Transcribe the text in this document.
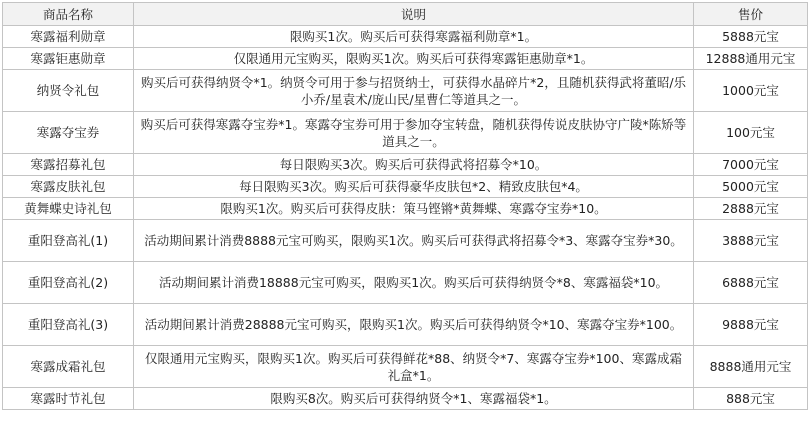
商品名称	说明	售价
寒露福利勋章	限购买1次。购买后可获得寒露福利勋章*1。	5888元宝
寒露钜惠勋章	仅限通用元宝购买，限购买1次。购买后可获得寒露钜惠勋章*1。	12888通用元宝
纳贤令礼包	购买后可获得纳贤令*1。纳贤令可用于参与招贤纳士，可获得水晶碎片*2，且随机获得武将董昭/乐小乔/星袁术/庞山民/星曹仁等道具之一。	1000元宝
寒露夺宝券	购买后可获得寒露夺宝券*1。寒露夺宝券可用于参加夺宝转盘，随机获得传说皮肤协守广陵*陈矫等道具之一。	100元宝
寒露招募礼包	每日限购买3次。购买后可获得武将招募令*10。	7000元宝
寒露皮肤礼包	每日限购买3次。购买后可获得豪华皮肤包*2、精致皮肤包*4。	5000元宝
黄舞蝶史诗礼包	限购买1次。购买后可获得皮肤：策马铿锵*黄舞蝶、寒露夺宝券*10。	2888元宝
重阳登高礼(1)	活动期间累计消费8888元宝可购买，限购买1次。购买后可获得武将招募令*3、寒露夺宝券*30。	3888元宝
重阳登高礼(2)	活动期间累计消费18888元宝可购买，限购买1次。购买后可获得纳贤令*8、寒露福袋*10。	6888元宝
重阳登高礼(3)	活动期间累计消费28888元宝可购买，限购买1次。购买后可获得纳贤令*10、寒露夺宝券*100。	9888元宝
寒露成霜礼包	仅限通用元宝购买，限购买1次。购买后可获得鲜花*88、纳贤令*7、寒露夺宝券*100、寒露成霜礼盒*1。	8888通用元宝
寒露时节礼包	限购买8次。购买后可获得纳贤令*1、寒露福袋*1。	888元宝
